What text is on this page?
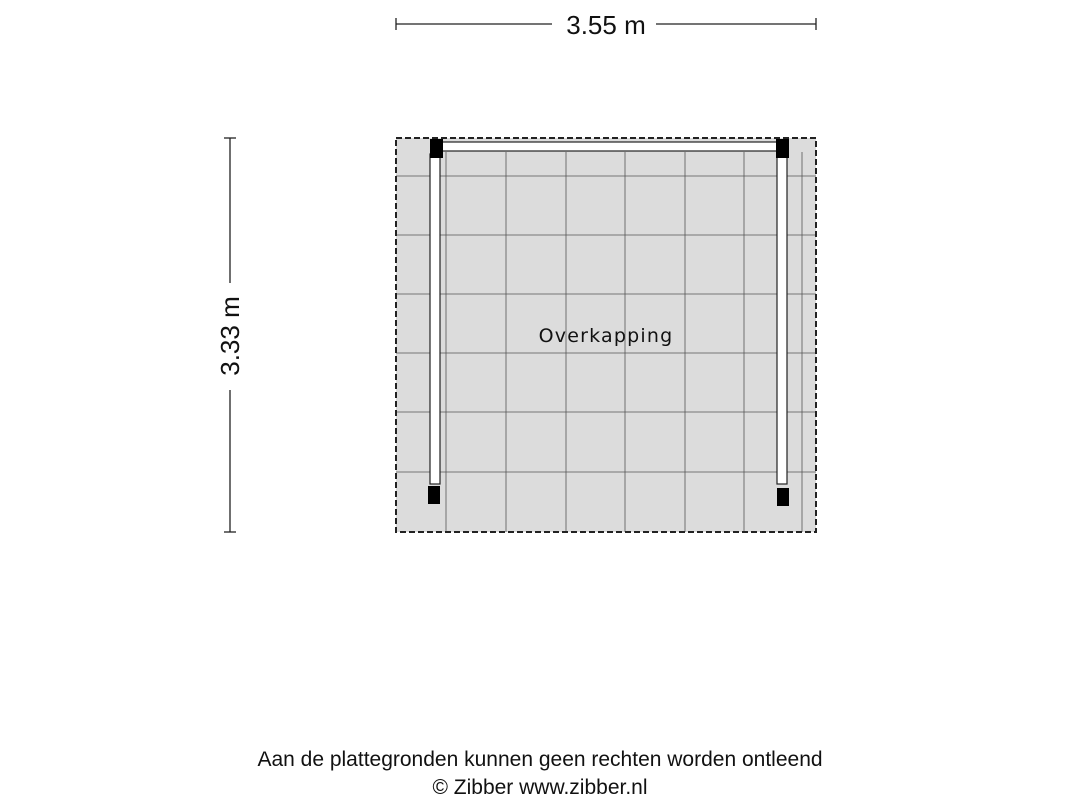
3.55 m
3.33 m	Overkapping
Aan de plattegronden kunnen geen rechten worden ontleend
© Zibber www.zibber.nl
